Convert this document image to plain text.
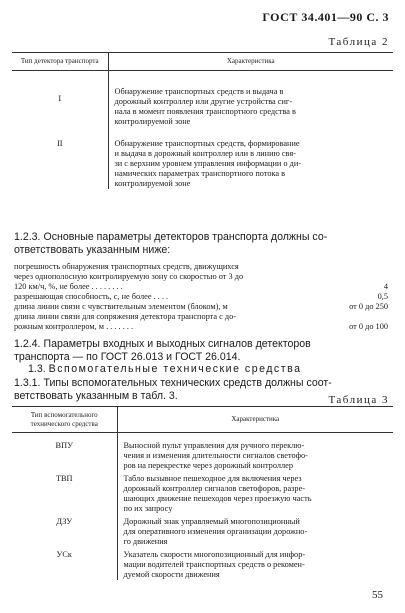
ГОСТ 34.401—90 С. 3
Таблица 2
Тип детектора транспорта	Характеристика
I	Обнаружение транспортных средств и выдача в
дорожный контроллер или другие устройства сиг-
нала в момент появления транспортного средства в
контролируемой зоне

II	Обнаружение транспортных средств, формирование
и выдача в дорожный контроллер или в линию свя-
зи с верхним уровнем управления информации о ди-
намических параметрах транспортного потока в
контролируемой зоне
1.2.3. Основные параметры детекторов транспорта должны со-
ответствовать указанным ниже:
погрешность обнаружения транспортных средств, движущихся
через однополосную контролируемую зону со скоростью от 3 до
120 км/ч, %, не более . . . . . . . .	4
разрешающая способность, с, не более . . . .	0,5
длина линии связи с чувствительным элементом (блоком), м	от 0 до 250
длина линии связи для сопряжения детектора транспорта с до-
рожным контроллером, м . . . . . . .	от 0 до 100
1.2.4. Параметры входных и выходных сигналов детекторов
транспорта — по ГОСТ 26.013 и ГОСТ 26.014.
1.3. Вспомогательные технические средства
1.3.1. Типы вспомогательных технических средств должны соот-
ветствовать указанным в табл. 3.	Таблица 3
Тип вспомогательного технического средства	Характеристика
ВПУ	Выносной пульт управления для ручного переклю-
чения и изменения длительности сигналов светофо-
ров на перекрестке через дорожный контроллер

ТВП	Табло вызывное пешеходное для включения через
дорожный контроллер сигналов светофоров, разре-
шающих движение пешеходов через проезжую часть
по их запросу

ДЗУ	Дорожный знак управляемый многопозиционный
для оперативного изменения организации дорожно-
го движения

УСк	Указатель скорости многопозиционный для инфор-
мации водителей транспортных средств о рекомен-
дуемой скорости движения
55
